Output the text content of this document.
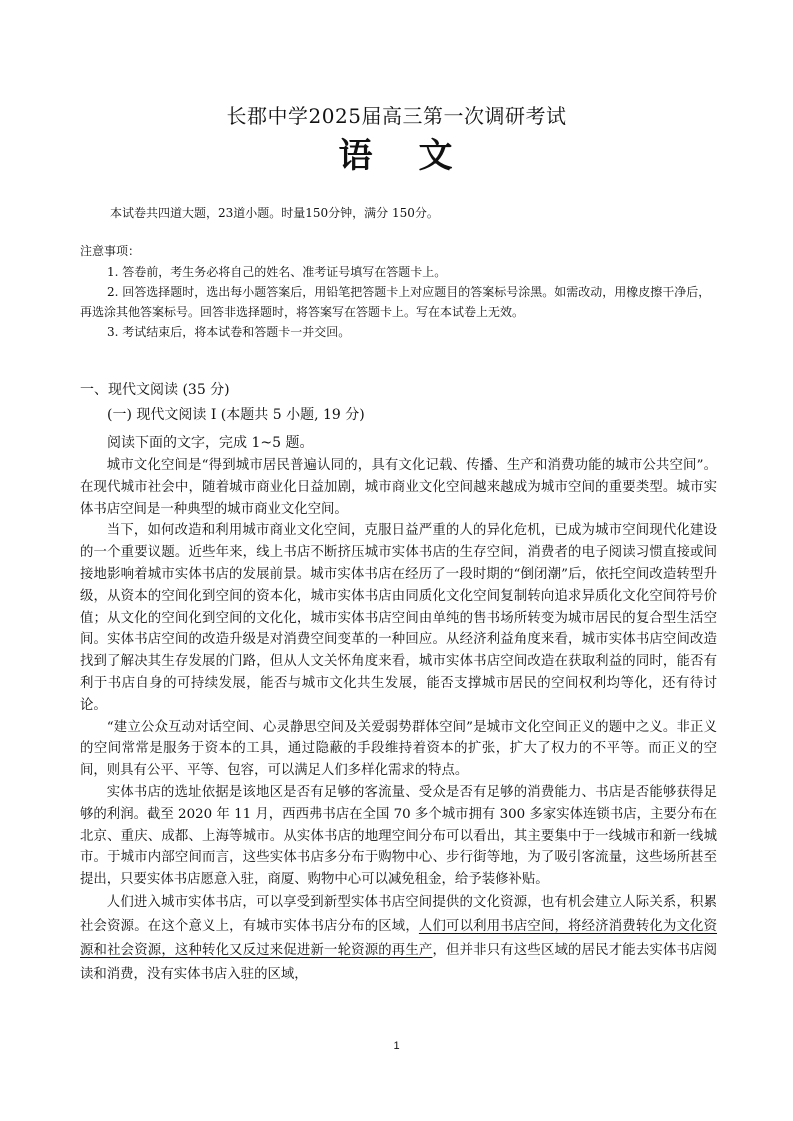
长郡中学2025届高三第一次调研考试
语 文
本试卷共四道大题，23道小题。时量150分钟，满分 150分。
注意事项：

1. 答卷前，考生务必将自己的姓名、准考证号填写在答题卡上。

2. 回答选择题时，选出每小题答案后，用铅笔把答题卡上对应题目的答案标号涂黑。如需改动，用橡皮擦干净后，再选涂其他答案标号。回答非选择题时，将答案写在答题卡上。写在本试卷上无效。

3. 考试结束后，将本试卷和答题卡一并交回。

一、现代文阅读 (35 分)
(一) 现代文阅读 I (本题共 5 小题, 19 分)
阅读下面的文字，完成 1~5 题。

城市文化空间是“得到城市居民普遍认同的，具有文化记载、传播、生产和消费功能的城市公共空间”。在现代城市社会中，随着城市商业化日益加剧，城市商业文化空间越来越成为城市空间的重要类型。城市实体书店空间是一种典型的城市商业文化空间。

当下，如何改造和利用城市商业文化空间，克服日益严重的人的异化危机，已成为城市空间现代化建设的一个重要议题。近些年来，线上书店不断挤压城市实体书店的生存空间，消费者的电子阅读习惯直接或间接地影响着城市实体书店的发展前景。城市实体书店在经历了一段时期的“倒闭潮”后，依托空间改造转型升级，从资本的空间化到空间的资本化，城市实体书店由同质化文化空间复制转向追求异质化文化空间符号价值；从文化的空间化到空间的文化化，城市实体书店空间由单纯的售书场所转变为城市居民的复合型生活空间。实体书店空间的改造升级是对消费空间变革的一种回应。从经济利益角度来看，城市实体书店空间改造找到了解决其生存发展的门路，但从人文关怀角度来看，城市实体书店空间改造在获取利益的同时，能否有利于书店自身的可持续发展，能否与城市文化共生发展，能否支撑城市居民的空间权利均等化，还有待讨论。

“建立公众互动对话空间、心灵静思空间及关爱弱势群体空间”是城市文化空间正义的题中之义。非正义的空间常常是服务于资本的工具，通过隐蔽的手段维持着资本的扩张，扩大了权力的不平等。而正义的空间，则具有公平、平等、包容，可以满足人们多样化需求的特点。

实体书店的选址依据是该地区是否有足够的客流量、受众是否有足够的消费能力、书店是否能够获得足够的利润。截至 2020 年 11 月，西西弗书店在全国 70 多个城市拥有 300 多家实体连锁书店，主要分布在北京、重庆、成都、上海等城市。从实体书店的地理空间分布可以看出，其主要集中于一线城市和新一线城市。于城市内部空间而言，这些实体书店多分布于购物中心、步行街等地，为了吸引客流量，这些场所甚至提出，只要实体书店愿意入驻，商厦、购物中心可以减免租金，给予装修补贴。

人们进入城市实体书店，可以享受到新型实体书店空间提供的文化资源，也有机会建立人际关系，积累社会资源。在这个意义上，有城市实体书店分布的区域，人们可以利用书店空间，将经济消费转化为文化资源和社会资源，这种转化又反过来促进新一轮资源的再生产，但并非只有这些区域的居民才能去实体书店阅读和消费，没有实体书店入驻的区域，

1
